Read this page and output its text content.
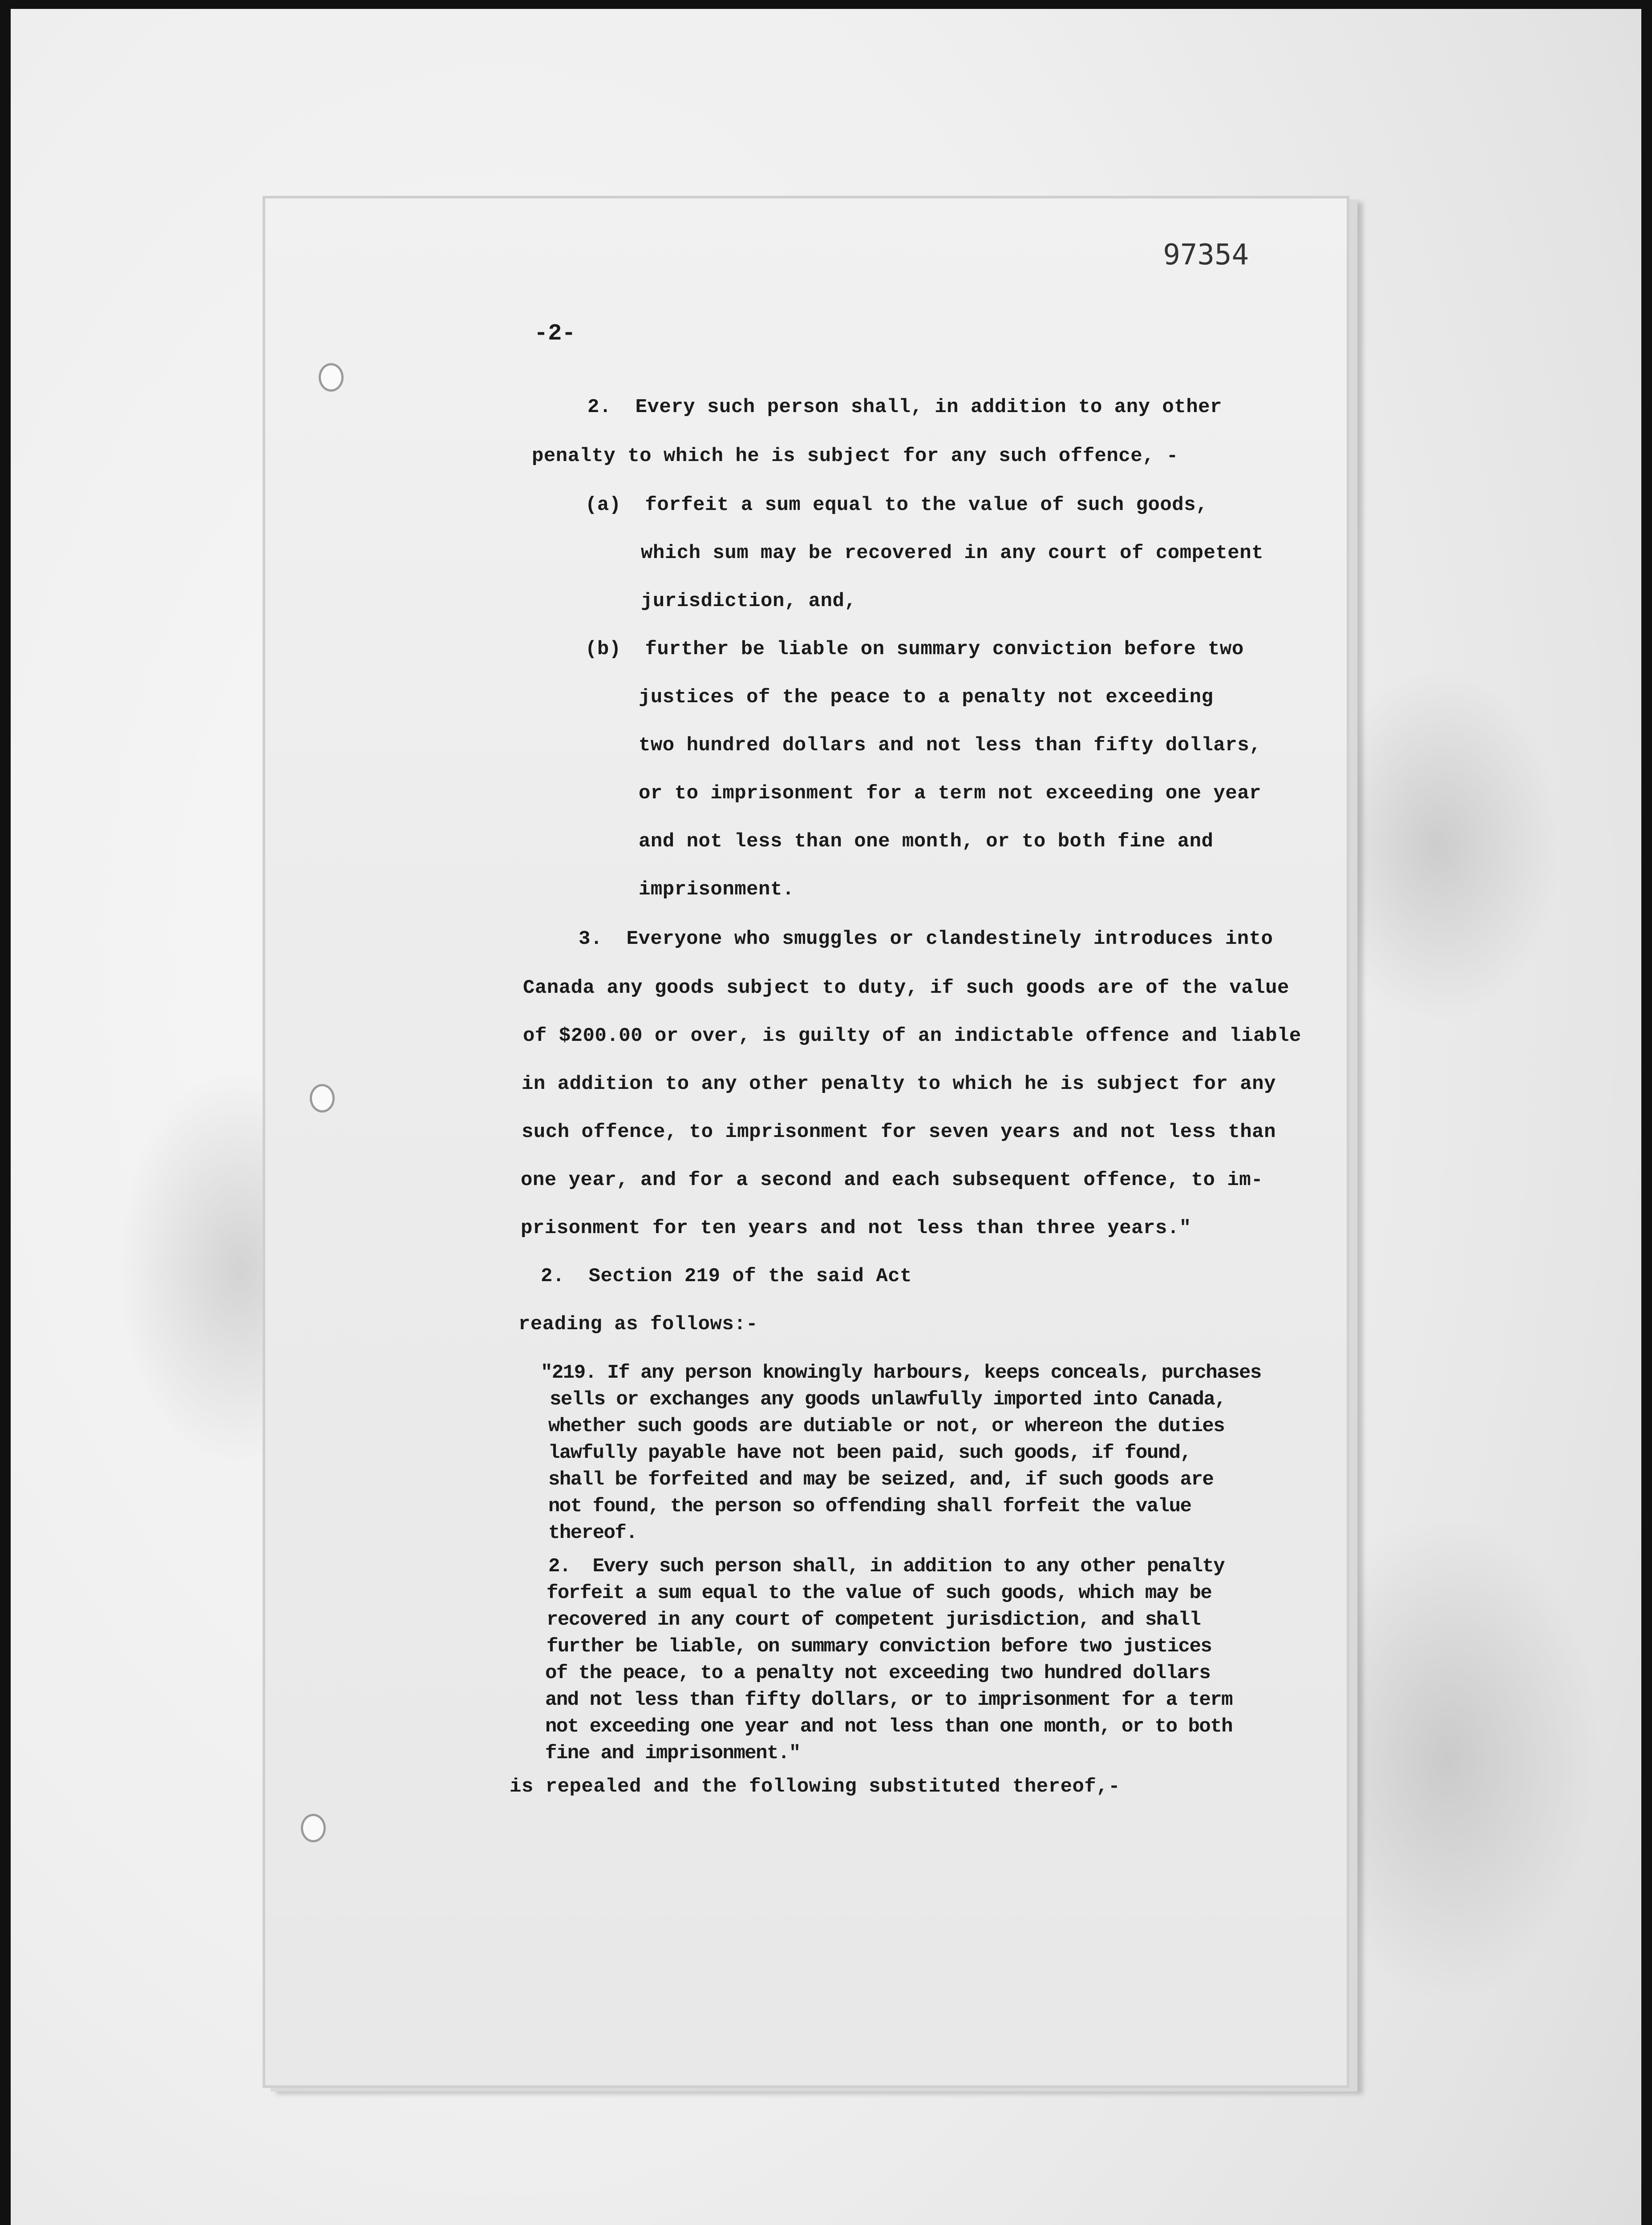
97354
-2-
2.  Every such person shall, in addition to any other
penalty to which he is subject for any such offence, -
(a)  forfeit a sum equal to the value of such goods,
which sum may be recovered in any court of competent
jurisdiction, and,
(b)  further be liable on summary conviction before two
justices of the peace to a penalty not exceeding
two hundred dollars and not less than fifty dollars,
or to imprisonment for a term not exceeding one year
and not less than one month, or to both fine and
imprisonment.
3.  Everyone who smuggles or clandestinely introduces into
Canada any goods subject to duty, if such goods are of the value
of $200.00 or over, is guilty of an indictable offence and liable
in addition to any other penalty to which he is subject for any
such offence, to imprisonment for seven years and not less than
one year, and for a second and each subsequent offence, to im-
prisonment for ten years and not less than three years."
2.  Section 219 of the said Act
reading as follows:-
"219. If any person knowingly harbours, keeps conceals, purchases
sells or exchanges any goods unlawfully imported into Canada,
whether such goods are dutiable or not, or whereon the duties
lawfully payable have not been paid, such goods, if found,
shall be forfeited and may be seized, and, if such goods are
not found, the person so offending shall forfeit the value
thereof.
2.  Every such person shall, in addition to any other penalty
forfeit a sum equal to the value of such goods, which may be
recovered in any court of competent jurisdiction, and shall
further be liable, on summary conviction before two justices
of the peace, to a penalty not exceeding two hundred dollars
and not less than fifty dollars, or to imprisonment for a term
not exceeding one year and not less than one month, or to both
fine and imprisonment."
is repealed and the following substituted thereof,-
